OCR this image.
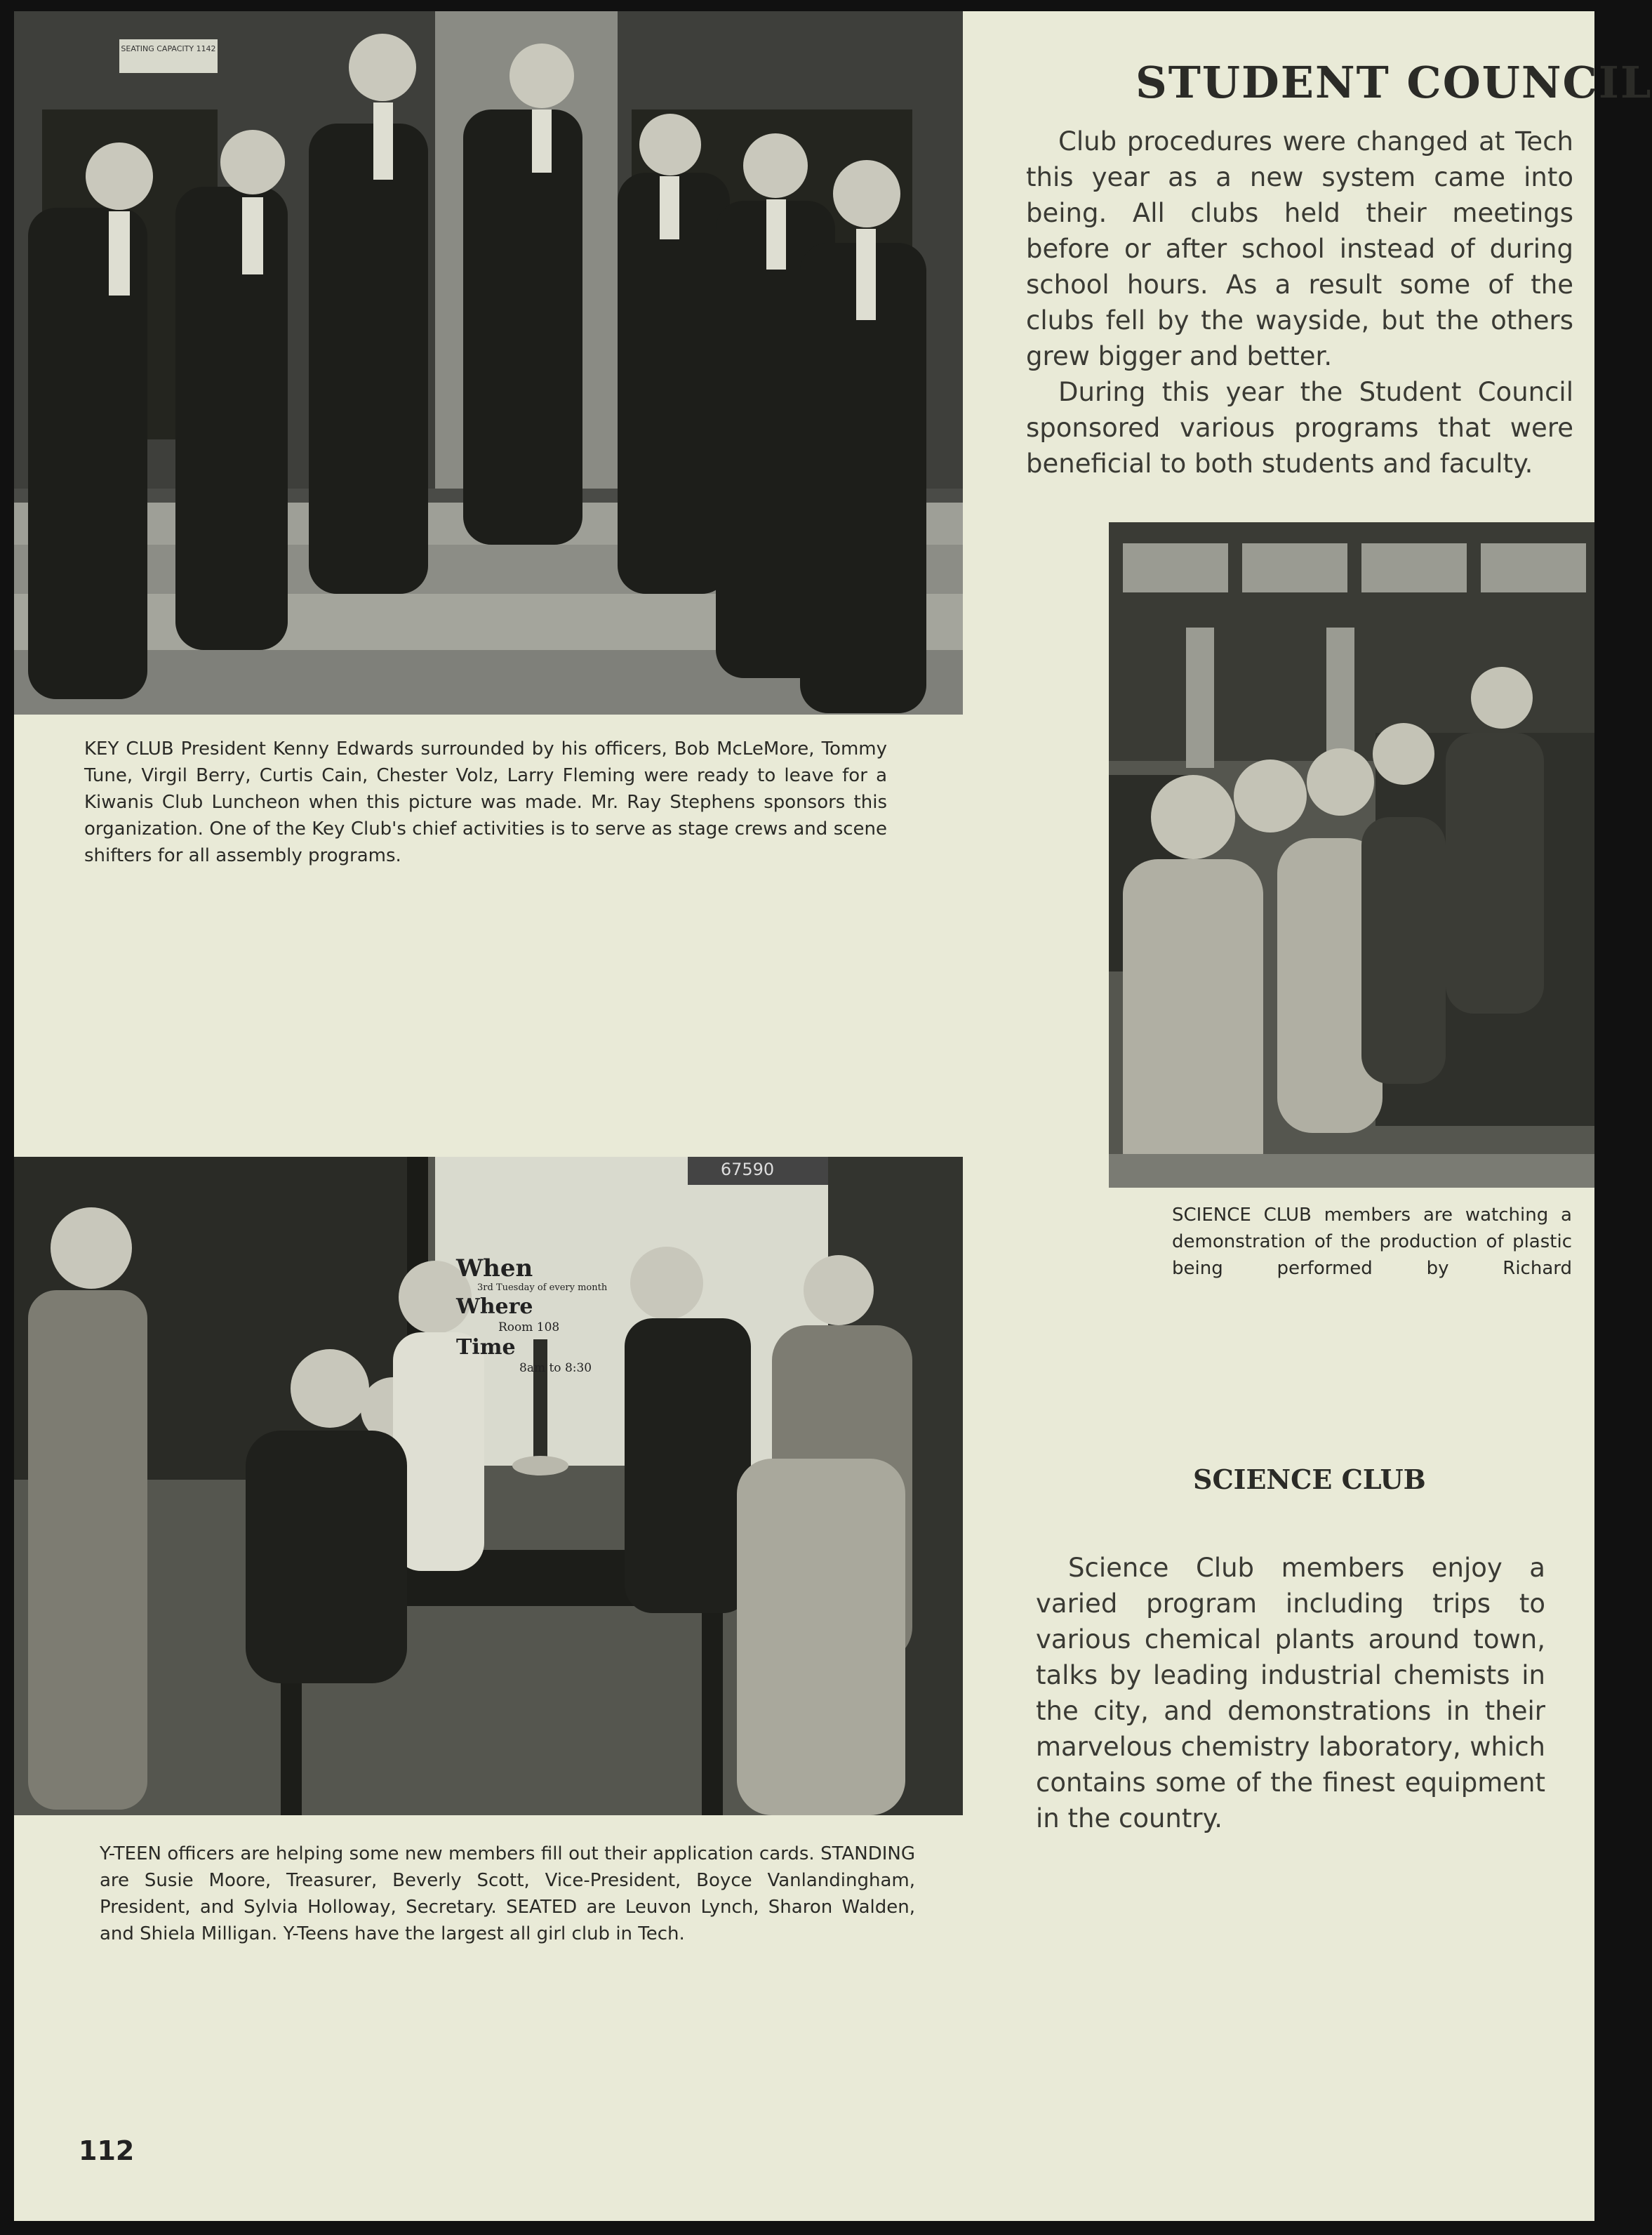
SEATING CAPACITY 1142

KEY CLUB President Kenny Edwards surrounded by his officers, Bob McLeMore, Tommy Tune, Virgil Berry, Curtis Cain, Chester Volz, Larry Fleming were ready to leave for a Kiwanis Club Luncheon when this picture was made. Mr. Ray Stephens sponsors this organization. One of the Key Club's chief activities is to serve as stage crews and scene shifters for all assembly programs.

STUDENT COUNCIL

Club procedures were changed at Tech this year as a new system came into being. All clubs held their meetings before or after school instead of during school hours. As a result some of the clubs fell by the wayside, but the others grew bigger and better.

During this year the Student Council sponsored various programs that were beneficial to both students and faculty.

SCIENCE CLUB members are watching a demonstration of the production of plastic being performed by Richard

67590
When
3rd Tuesday of every month
Where
Room 108
Time
8am to 8:30

Y-TEEN officers are helping some new members fill out their application cards. STANDING are Susie Moore, Treasurer, Beverly Scott, Vice-President, Boyce Vanlandingham, President, and Sylvia Holloway, Secretary. SEATED are Leuvon Lynch, Sharon Walden, and Shiela Milligan. Y-Teens have the largest all girl club in Tech.

SCIENCE CLUB

Science Club members enjoy a varied program including trips to various chemical plants around town, talks by leading industrial chemists in the city, and demonstrations in their marvelous chemistry laboratory, which contains some of the finest equipment in the country.

112
